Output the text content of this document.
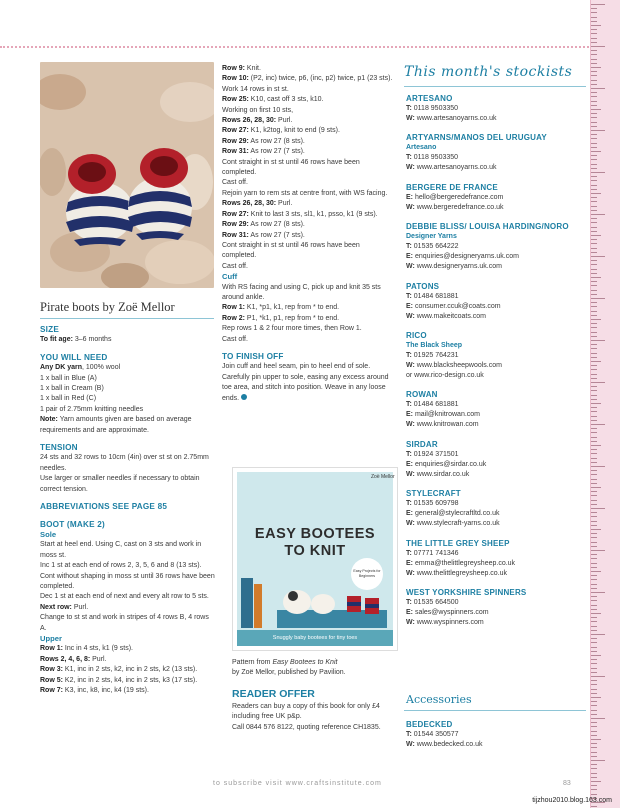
Pirate boots by Zoë Mellor
SIZE

To fit age: 3–6 months

YOU WILL NEED

Any DK yarn, 100% wool

1 x ball in Blue (A)

1 x ball in Cream (B)

1 x ball in Red (C)

1 pair of 2.75mm knitting needles

Note: Yarn amounts given are based on average requirements and are approximate.

TENSION

24 sts and 32 rows to 10cm (4in) over st st on 2.75mm needles.

Use larger or smaller needles if necessary to obtain correct tension.

ABBREVIATIONS SEE PAGE 85
BOOT (MAKE 2)
Sole

Start at heel end. Using C, cast on 3 sts and work in moss st.

Inc 1 st at each end of rows 2, 3, 5, 6 and 8 (13 sts).

Cont without shaping in moss st until 36 rows have been completed.

Dec 1 st at each end of next and every alt row to 5 sts.

Next row: Purl.

Change to st st and work in stripes of 4 rows B, 4 rows A.

Upper

Row 1: Inc in 4 sts, k1 (9 sts).

Rows 2, 4, 6, 8: Purl.

Row 3: K1, inc in 2 sts, k2, inc in 2 sts, k2 (13 sts).

Row 5: K2, inc in 2 sts, k4, inc in 2 sts, k3 (17 sts).

Row 7: K3, inc, k8, inc, k4 (19 sts).

Row 9: Knit.

Row 10: (P2, inc) twice, p6, (inc, p2) twice, p1 (23 sts).

Work 14 rows in st st.

Row 25: K10, cast off 3 sts, k10.

Working on first 10 sts,

Rows 26, 28, 30: Purl.

Row 27: K1, k2tog, knit to end (9 sts).

Row 29: As row 27 (8 sts).

Row 31: As row 27 (7 sts).

Cont straight in st st until 46 rows have been completed.

Cast off.

Rejoin yarn to rem sts at centre front, with WS facing.

Rows 26, 28, 30: Purl.

Row 27: Knit to last 3 sts, sl1, k1, psso, k1 (9 sts).

Row 29: As row 27 (8 sts).

Row 31: As row 27 (7 sts).

Cont straight in st st until 46 rows have been completed.

Cast off.

Cuff

With RS facing and using C, pick up and knit 35 sts around ankle.

Row 1: K1, *p1, k1, rep from * to end.

Row 2: P1, *k1, p1, rep from * to end.

Rep rows 1 & 2 four more times, then Row 1.

Cast off.

TO FINISH OFF

Join cuff and heel seam, pin to heel end of sole. Carefully pin upper to sole, easing any excess around toe area, and stitch into position. Weave in any loose ends.

Zoë Mellor
EASY BOOTEES
TO KNIT
Easy Projects for Beginners
Snuggly baby bootees for tiny toes

Pattern from Easy Bootees to Knit

by Zoë Mellor, published by Pavilion.

READER OFFER

Readers can buy a copy of this book for only £4 including free UK p&p.

Call 0844 576 8122, quoting reference CH1835.

This month's stockists
ARTESANO

T: 0118 9503350

W: www.artesanoyarns.co.uk

ARTYARNS/MANOS DEL URUGUAY
Artesano

T: 0118 9503350

W: www.artesanoyarns.co.uk

BERGERE DE FRANCE

E: hello@bergeredefrance.com

W: www.bergeredefrance.co.uk

DEBBIE BLISS/ LOUISA HARDING/NORO
Designer Yarns

T: 01535 664222

E: enquiries@designeryarns.uk.com

W: www.designeryarns.uk.com

PATONS

T: 01484 681881

E: consumer.ccuk@coats.com

W: www.makeitcoats.com

RICO
The Black Sheep

T: 01925 764231

W: www.blacksheepwools.com

or www.rico-design.co.uk

ROWAN

T: 01484 681881

E: mail@knitrowan.com

W: www.knitrowan.com

SIRDAR

T: 01924 371501

E: enquiries@sirdar.co.uk

W: www.sirdar.co.uk

STYLECRAFT

T: 01535 609798

E: general@stylecraftltd.co.uk

W: www.stylecraft-yarns.co.uk

THE LITTLE GREY SHEEP

T: 07771 741346

E: emma@thelittlegreysheep.co.uk

W: www.thelittlegreysheep.co.uk

WEST YORKSHIRE SPINNERS

T: 01535 664500

E: sales@wyspinners.com

W: www.wyspinners.com

Accessories
BEDECKED

T: 01544 350577

W: www.bedecked.co.uk

to subscribe visit www.craftsinstitute.com	83
tijzhou2010.blog.163.com
